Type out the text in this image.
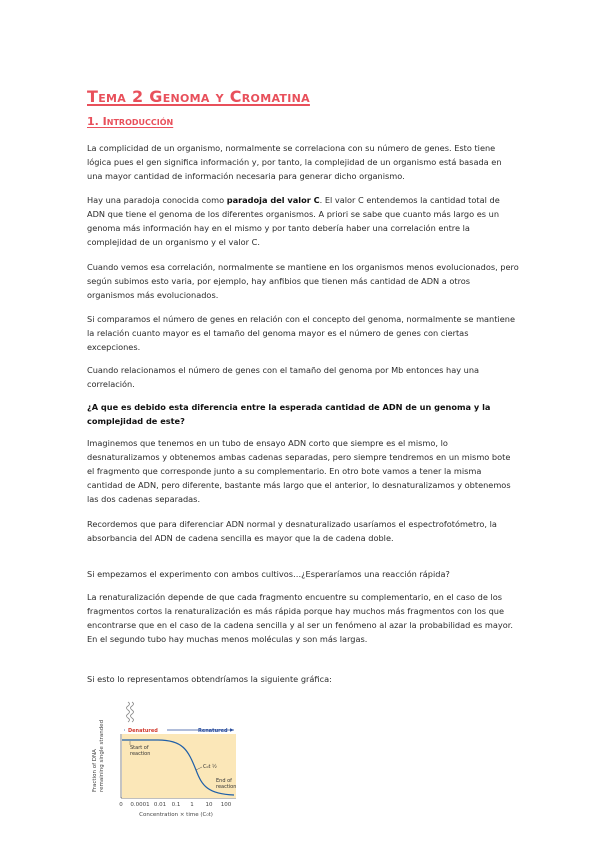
Tema 2 Genoma y Cromatina
1. Introducción

La complicidad de un organismo, normalmente se correlaciona con su número de genes. Esto tiene lógica pues el gen significa información y, por tanto, la complejidad de un organismo está basada en una mayor cantidad de información necesaria para generar dicho organismo.

Hay una paradoja conocida como paradoja del valor C. El valor C entendemos la cantidad total de ADN que tiene el genoma de los diferentes organismos. A priori se sabe que cuanto más largo es un genoma más información hay en el mismo y por tanto debería haber una correlación entre la complejidad de un organismo y el valor C.

Cuando vemos esa correlación, normalmente se mantiene en los organismos menos evolucionados, pero según subimos esto varia, por ejemplo, hay anfibios que tienen más cantidad de ADN a otros organismos más evolucionados.

Si comparamos el número de genes en relación con el concepto del genoma, normalmente se mantiene la relación cuanto mayor es el tamaño del genoma mayor es el número de genes con ciertas excepciones.

Cuando relacionamos el número de genes con el tamaño del genoma por Mb entonces hay una correlación.

¿A que es debido esta diferencia entre la esperada cantidad de ADN de un genoma y la complejidad de este?

Imaginemos que tenemos en un tubo de ensayo ADN corto que siempre es el mismo, lo desnaturalizamos y obtenemos ambas cadenas separadas, pero siempre tendremos en un mismo bote el fragmento que corresponde junto a su complementario. En otro bote vamos a tener la misma cantidad de ADN, pero diferente, bastante más largo que el anterior, lo desnaturalizamos y obtenemos las dos cadenas separadas.

Recordemos que para diferenciar ADN normal y desnaturalizado usaríamos el espectrofotómetro, la absorbancia del ADN de cadena sencilla es mayor que la de cadena doble.

Si empezamos el experimento con ambos cultivos…¿Esperaríamos una reacción rápida?

La renaturalización depende de que cada fragmento encuentre su complementario, en el caso de los fragmentos cortos la renaturalización es más rápida porque hay muchos más fragmentos con los que encontrarse que en el caso de la cadena sencilla y al ser un fenómeno al azar la probabilidad es mayor. En el segundo tubo hay muchas menos moléculas y son más largas.

Si esto lo representamos obtendríamos la siguiente gráfica:

Denatured	Renatured
Start of
reaction
C₀t ½
End of
reaction
Fraction of DNA remaining single stranded
0 0.0001 0.01 0.1 1 10 100
Concentration × time (C₀t)
